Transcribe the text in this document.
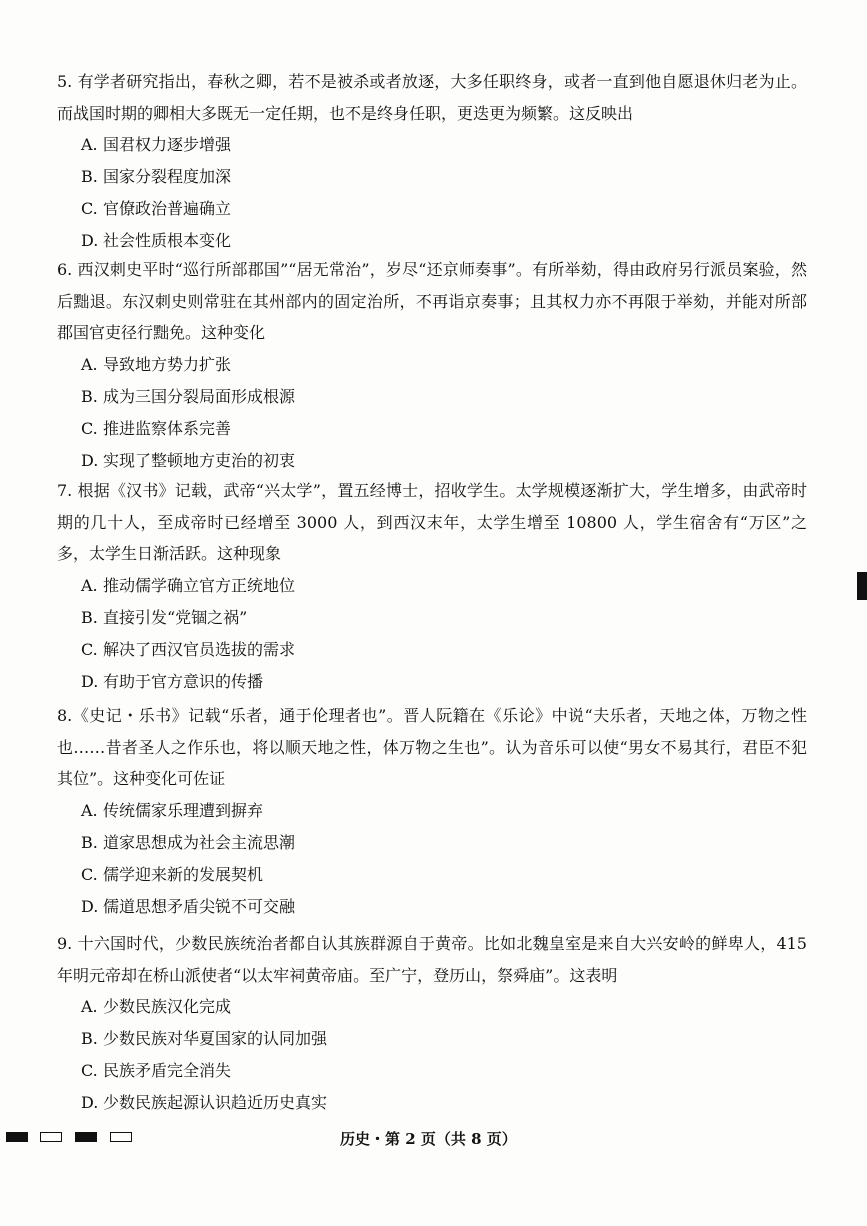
5. 有学者研究指出，春秋之卿，若不是被杀或者放逐，大多任职终身，或者一直到他自愿退休归老为止。而战国时期的卿相大多既无一定任期，也不是终身任职，更迭更为频繁。这反映出

A. 国君权力逐步增强

B. 国家分裂程度加深

C. 官僚政治普遍确立

D. 社会性质根本变化

6. 西汉刺史平时“巡行所部郡国”“居无常治”，岁尽“还京师奏事”。有所举劾，得由政府另行派员案验，然后黜退。东汉刺史则常驻在其州部内的固定治所，不再诣京奏事；且其权力亦不再限于举劾，并能对所部郡国官吏径行黜免。这种变化

A. 导致地方势力扩张

B. 成为三国分裂局面形成根源

C. 推进监察体系完善

D. 实现了整顿地方吏治的初衷

7. 根据《汉书》记载，武帝“兴太学”，置五经博士，招收学生。太学规模逐渐扩大，学生增多，由武帝时期的几十人，至成帝时已经增至 3000 人，到西汉末年，太学生增至 10800 人，学生宿舍有“万区”之多，太学生日渐活跃。这种现象

A. 推动儒学确立官方正统地位

B. 直接引发“党锢之祸”

C. 解决了西汉官员选拔的需求

D. 有助于官方意识的传播

8.《史记・乐书》记载“乐者，通于伦理者也”。晋人阮籍在《乐论》中说“夫乐者，天地之体，万物之性也……昔者圣人之作乐也，将以顺天地之性，体万物之生也”。认为音乐可以使“男女不易其行，君臣不犯其位”。这种变化可佐证

A. 传统儒家乐理遭到摒弃

B. 道家思想成为社会主流思潮

C. 儒学迎来新的发展契机

D. 儒道思想矛盾尖锐不可交融

9. 十六国时代，少数民族统治者都自认其族群源自于黄帝。比如北魏皇室是来自大兴安岭的鲜卑人，415 年明元帝却在桥山派使者“以太牢祠黄帝庙。至广宁，登历山，祭舜庙”。这表明

A. 少数民族汉化完成

B. 少数民族对华夏国家的认同加强

C. 民族矛盾完全消失

D. 少数民族起源认识趋近历史真实

历史・第 2 页（共 8 页）
